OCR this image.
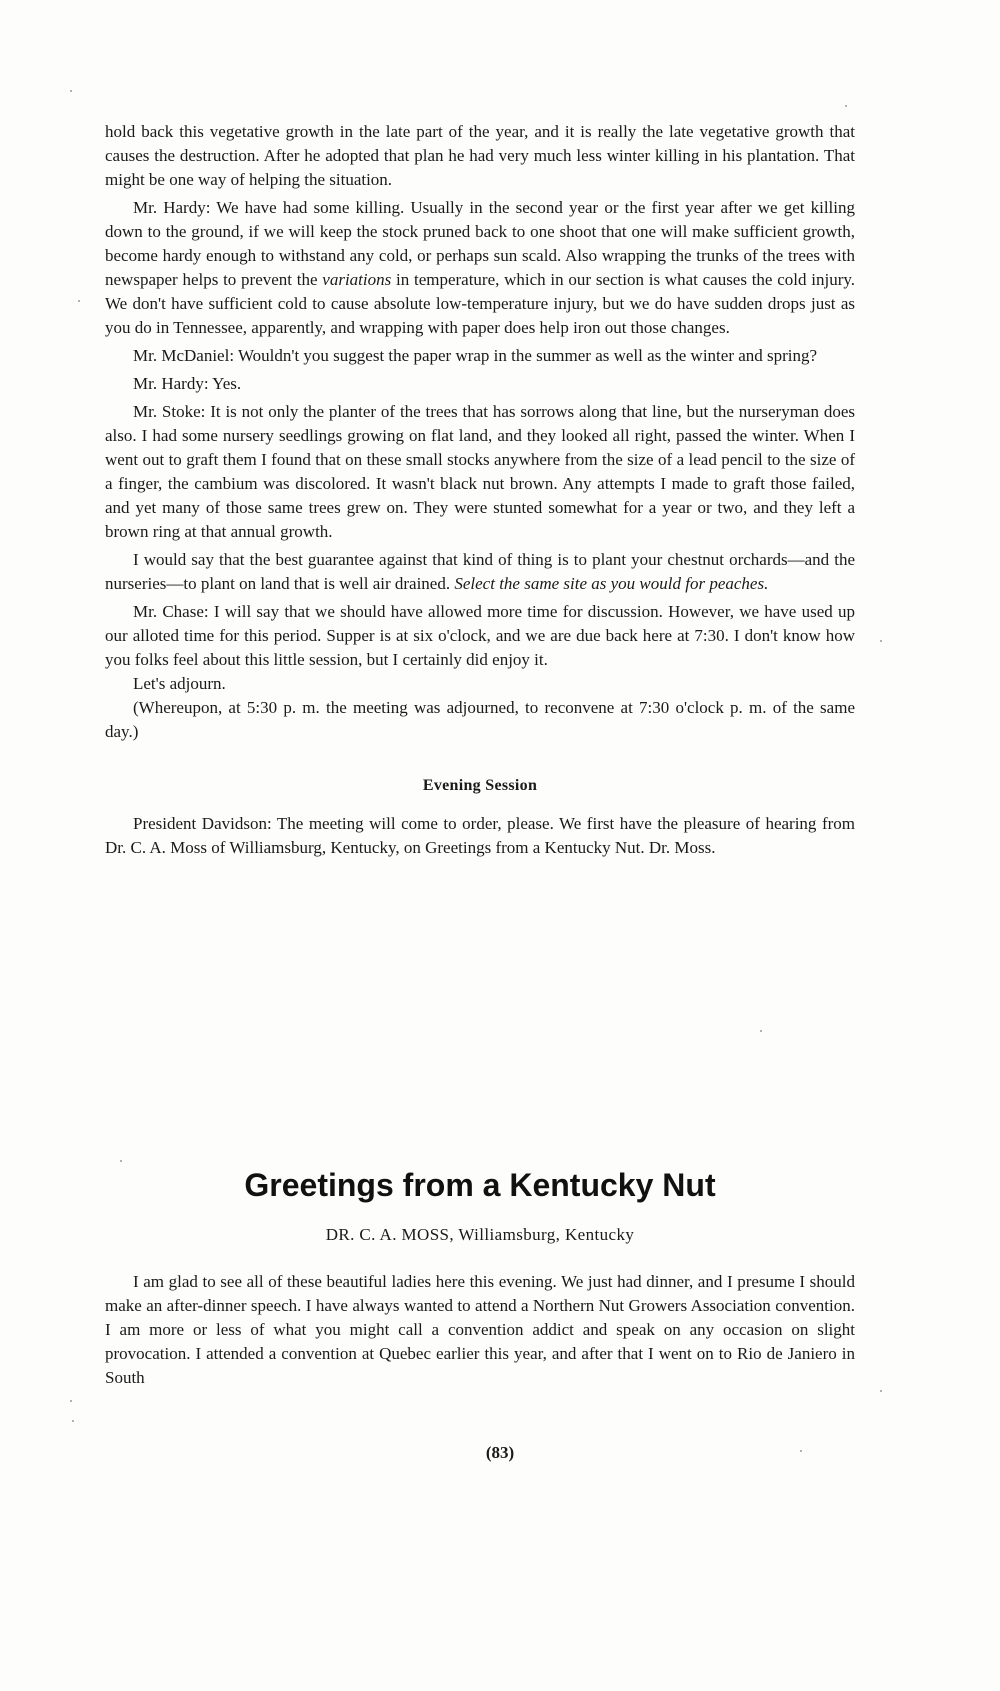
hold back this vegetative growth in the late part of the year, and it is really the late vegetative growth that causes the destruction. After he adopted that plan he had very much less winter killing in his plantation. That might be one way of helping the situation.

Mr. Hardy: We have had some killing. Usually in the second year or the first year after we get killing down to the ground, if we will keep the stock pruned back to one shoot that one will make sufficient growth, become hardy enough to withstand any cold, or perhaps sun scald. Also wrapping the trunks of the trees with newspaper helps to prevent the variations in temperature, which in our section is what causes the cold injury. We don't have sufficient cold to cause absolute low-temperature injury, but we do have sudden drops just as you do in Tennessee, apparently, and wrapping with paper does help iron out those changes.

Mr. McDaniel: Wouldn't you suggest the paper wrap in the summer as well as the winter and spring?

Mr. Hardy: Yes.

Mr. Stoke: It is not only the planter of the trees that has sorrows along that line, but the nurseryman does also. I had some nursery seedlings growing on flat land, and they looked all right, passed the winter. When I went out to graft them I found that on these small stocks anywhere from the size of a lead pencil to the size of a finger, the cambium was discolored. It wasn't black nut brown. Any attempts I made to graft those failed, and yet many of those same trees grew on. They were stunted somewhat for a year or two, and they left a brown ring at that annual growth.

I would say that the best guarantee against that kind of thing is to plant your chestnut orchards—and the nurseries—to plant on land that is well air drained. Select the same site as you would for peaches.

Mr. Chase: I will say that we should have allowed more time for discussion. However, we have used up our alloted time for this period. Supper is at six o'clock, and we are due back here at 7:30. I don't know how you folks feel about this little session, but I certainly did enjoy it.

Let's adjourn.

(Whereupon, at 5:30 p. m. the meeting was adjourned, to reconvene at 7:30 o'clock p. m. of the same day.)

Evening Session

President Davidson: The meeting will come to order, please. We first have the pleasure of hearing from Dr. C. A. Moss of Williamsburg, Kentucky, on Greetings from a Kentucky Nut. Dr. Moss.

Greetings from a Kentucky Nut
DR. C. A. MOSS, Williamsburg, Kentucky

I am glad to see all of these beautiful ladies here this evening. We just had dinner, and I presume I should make an after-dinner speech. I have always wanted to attend a Northern Nut Growers Association convention. I am more or less of what you might call a convention addict and speak on any occasion on slight provocation. I attended a convention at Quebec earlier this year, and after that I went on to Rio de Janiero in South

(83)
